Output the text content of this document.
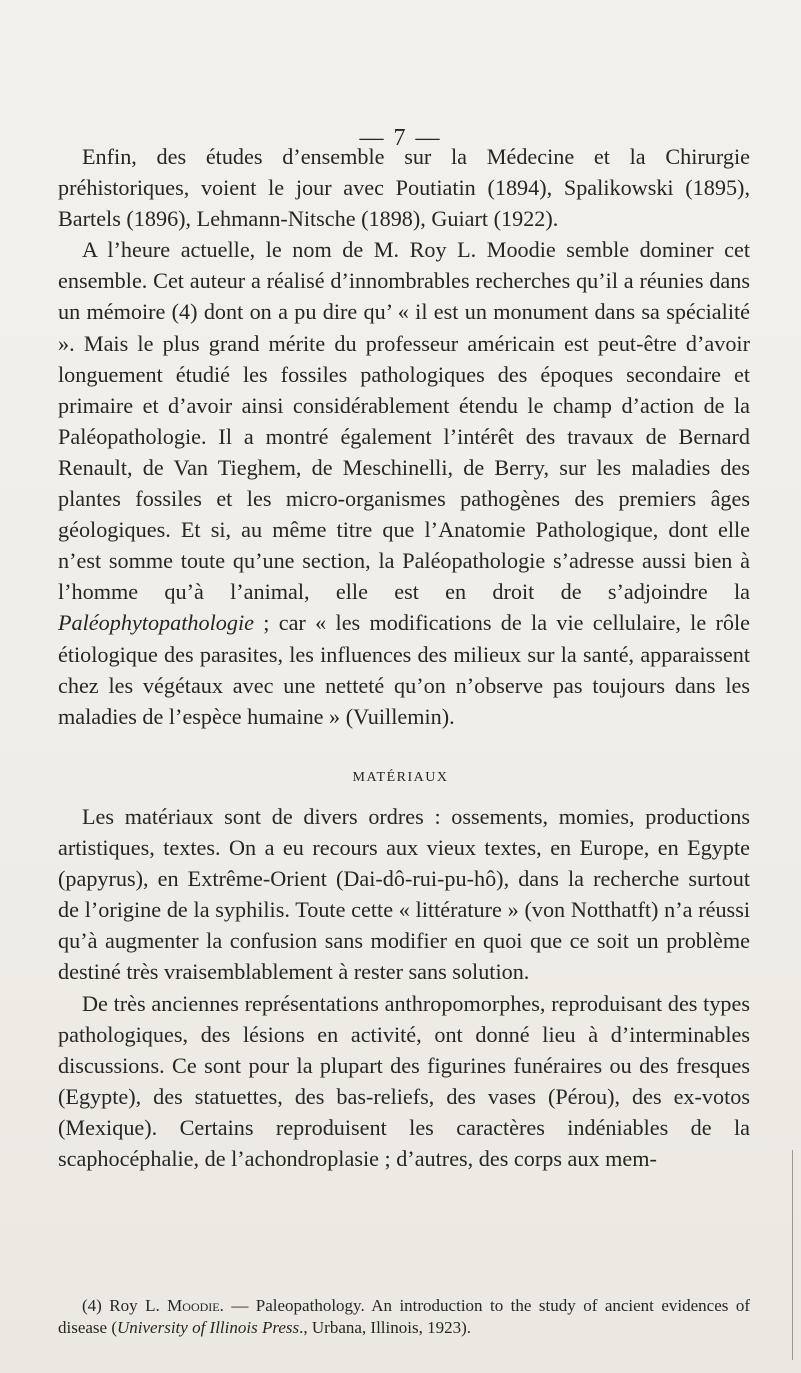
— 7 —

Enfin, des études d’ensemble sur la Médecine et la Chirurgie préhistoriques, voient le jour avec Poutiatin (1894), Spalikowski (1895), Bartels (1896), Lehmann-Nitsche (1898), Guiart (1922).

A l’heure actuelle, le nom de M. Roy L. Moodie semble dominer cet ensemble. Cet auteur a réalisé d’innombrables recherches qu’il a réunies dans un mémoire (4) dont on a pu dire qu’ « il est un monument dans sa spécialité ». Mais le plus grand mérite du professeur américain est peut-être d’avoir longuement étudié les fossiles pathologiques des époques secondaire et primaire et d’avoir ainsi considérablement étendu le champ d’action de la Paléopathologie. Il a montré également l’intérêt des travaux de Bernard Renault, de Van Tieghem, de Meschinelli, de Berry, sur les maladies des plantes fossiles et les micro-organismes pathogènes des premiers âges géologiques. Et si, au même titre que l’Anatomie Pathologique, dont elle n’est somme toute qu’une section, la Paléopathologie s’adresse aussi bien à l’homme qu’à l’animal, elle est en droit de s’adjoindre la Paléophytopathologie ; car « les modifications de la vie cellulaire, le rôle étiologique des parasites, les influences des milieux sur la santé, apparaissent chez les végétaux avec une netteté qu’on n’observe pas toujours dans les maladies de l’espèce humaine » (Vuillemin).

MATÉRIAUX

Les matériaux sont de divers ordres : ossements, momies, productions artistiques, textes. On a eu recours aux vieux textes, en Europe, en Egypte (papyrus), en Extrême-Orient (Dai-dô-rui-pu-hô), dans la recherche surtout de l’origine de la syphilis. Toute cette « littérature » (von Notthatft) n’a réussi qu’à augmenter la confusion sans modifier en quoi que ce soit un problème destiné très vraisemblablement à rester sans solution.

De très anciennes représentations anthropomorphes, reproduisant des types pathologiques, des lésions en activité, ont donné lieu à d’interminables discussions. Ce sont pour la plupart des figurines funéraires ou des fresques (Egypte), des statuettes, des bas-reliefs, des vases (Pérou), des ex-votos (Mexique). Certains reproduisent les caractères indéniables de la scaphocéphalie, de l’achondroplasie ; d’autres, des corps aux mem-

(4) Roy L. Moodie. — Paleopathology. An introduction to the study of ancient evidences of disease (University of Illinois Press., Urbana, Illinois, 1923).
